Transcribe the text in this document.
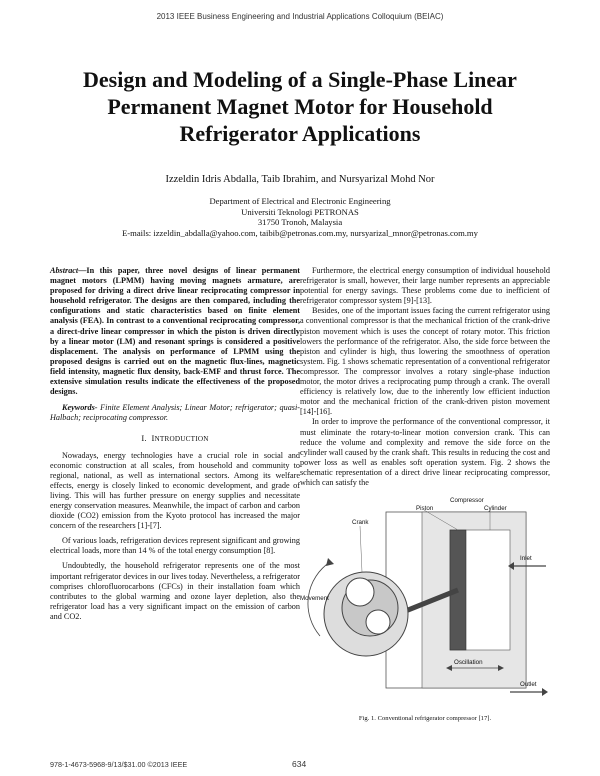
2013 IEEE Business Engineering and Industrial Applications Colloquium (BEIAC)
Design and Modeling of a Single-Phase Linear Permanent Magnet Motor for Household Refrigerator Applications
Izzeldin Idris Abdalla, Taib Ibrahim, and Nursyarizal Mohd Nor
Department of Electrical and Electronic Engineering
Universiti Teknologi PETRONAS
31750 Tronoh, Malaysia
E-mails: izzeldin_abdalla@yahoo.com, taibib@petronas.com.my, nursyarizal_mnor@petronas.com.my
Abstract—In this paper, three novel designs of linear permanent magnet motors (LPMM) having moving magnets armature, are proposed for driving a direct drive linear reciprocating compressor in household refrigerator. The designs are then compared, including the configurations and static characteristics based on finite element analysis (FEA). In contrast to a conventional reciprocating compressor, a direct-drive linear compressor in which the piston is driven directly by a linear motor (LM) and resonant springs is considered a positive displacement. The analysis on performance of LPMM using the proposed designs is carried out on the magnetic flux-lines, magnetic field intensity, magnetic flux density, back-EMF and thrust force. The extensive simulation results indicate the effectiveness of the proposed designs.
Keywords- Finite Element Analysis; Linear Motor; refrigerator; quasi-Halbach; reciprocating compressor.
I. INTRODUCTION
Nowadays, energy technologies have a crucial role in social and economic construction at all scales, from household and community to regional, national, as well as international sectors. Among its welfare effects, energy is closely linked to economic development, and grade of living. This will has further pressure on energy supplies and necessitate energy conservation measures. Meanwhile, the impact of carbon and carbon dioxide (CO2) emission from the Kyoto protocol has increased the major concern of the researchers [1]-[7].
Of various loads, refrigeration devices represent significant and growing electrical loads, more than 14 % of the total energy consumption [8].
Undoubtedly, the household refrigerator represents one of the most important refrigerator devices in our lives today. Nevertheless, a refrigerator comprises chlorofluorocarbons (CFCs) in their installation foam which contributes to the global warming and ozone layer depletion, also the refrigerator load has a very significant impact on the emission of carbon and CO2.
Furthermore, the electrical energy consumption of individual household refrigerator is small, however, their large number represents an appreciable potential for energy savings. These problems come due to inefficient of refrigerator compressor system [9]-[13].
Besides, one of the important issues facing the current refrigerator using a conventional compressor is that the mechanical friction of the crank-drive piston movement which is uses the concept of rotary motor. This friction lowers the performance of the refrigerator. Also, the side force between the piston and cylinder is high, thus lowering the smoothness of operation system. Fig. 1 shows schematic representation of a conventional refrigerator compressor. The compressor involves a rotary single-phase induction motor, the motor drives a reciprocating pump through a crank. The overall efficiency is relatively low, due to the inherently low efficient induction motor and the mechanical friction of the crank-driven piston movement [14]-[16].
In order to improve the performance of the conventional compressor, it must eliminate the rotary-to-linear motion conversion crank. This can reduce the volume and complexity and remove the side force on the cylinder wall caused by the crank shaft. This results in reducing the cost and power loss as well as enables soft operation system. Fig. 2 shows the schematic representation of a direct drive linear reciprocating compressor, which can satisfy the
Compressor
Crank
Piston	Cylinder
Movement
Inlet
Oscillation
Outlet
Fig. 1. Conventional refrigerator compressor [17].
978-1-4673-5968-9/13/$31.00 ©2013 IEEE	634
